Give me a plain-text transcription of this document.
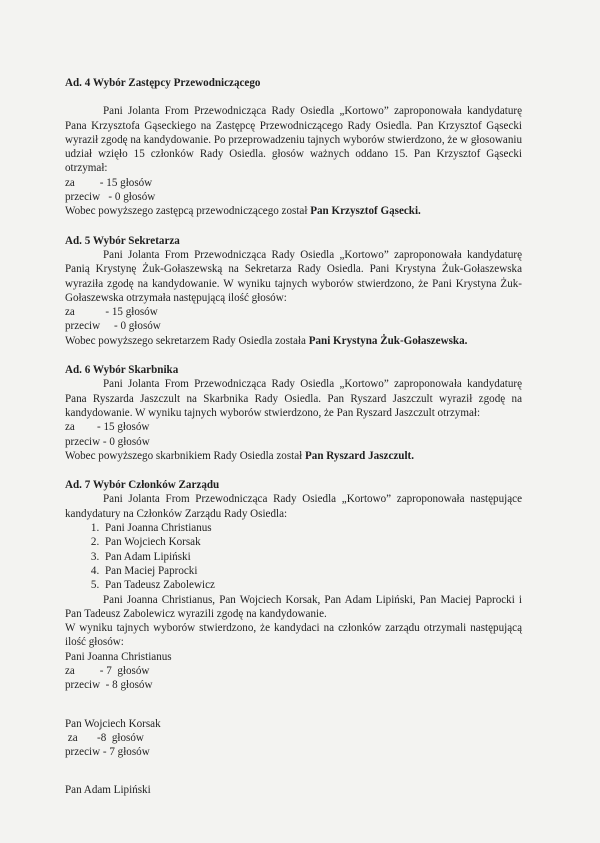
Ad. 4 Wybór Zastępcy Przewodniczącego

Pani Jolanta From Przewodnicząca Rady Osiedla „Kortowo” zaproponowała kandydaturę Pana Krzysztofa Gąseckiego na Zastępcę Przewodniczącego Rady Osiedla. Pan Krzysztof Gąsecki wyraził zgodę na kandydowanie. Po przeprowadzeniu tajnych wyborów stwierdzono, że w głosowaniu udział wzięło 15 członków Rady Osiedla. głosów ważnych oddano 15. Pan Krzysztof Gąsecki otrzymał:

za         - 15 głosów

przeciw   - 0 głosów

Wobec powyższego zastępcą przewodniczącego został Pan Krzysztof Gąsecki.

Ad. 5 Wybór Sekretarza

Pani Jolanta From Przewodnicząca Rady Osiedla „Kortowo” zaproponowała kandydaturę Panią Krystynę Żuk-Gołaszewską na Sekretarza Rady Osiedla. Pani Krystyna Żuk-Gołaszewska wyraziła zgodę na kandydowanie. W wyniku tajnych wyborów stwierdzono, że Pani Krystyna Żuk-Gołaszewska otrzymała następującą ilość głosów:

za           - 15 głosów

przeciw     - 0 głosów

Wobec powyższego sekretarzem Rady Osiedla została Pani Krystyna Żuk-Gołaszewska.

Ad. 6 Wybór Skarbnika

Pani Jolanta From Przewodnicząca Rady Osiedla „Kortowo” zaproponowała kandydaturę Pana Ryszarda Jaszczult na Skarbnika Rady Osiedla. Pan Ryszard Jaszczult wyraził zgodę na kandydowanie. W wyniku tajnych wyborów stwierdzono, że Pan Ryszard Jaszczult otrzymał:

za        - 15 głosów

przeciw - 0 głosów

Wobec powyższego skarbnikiem Rady Osiedla został Pan Ryszard Jaszczult.

Ad. 7 Wybór Członków Zarządu

Pani Jolanta From Przewodnicząca Rady Osiedla „Kortowo” zaproponowała następujące kandydatury na Członków Zarządu Rady Osiedla:

1. Pani Joanna Christianus
2. Pan Wojciech Korsak
3. Pan Adam Lipiński
4. Pan Maciej Paprocki
5. Pan Tadeusz Zabolewicz

Pani Joanna Christianus, Pan Wojciech Korsak, Pan Adam Lipiński, Pan Maciej Paprocki i Pan Tadeusz Zabolewicz wyrazili zgodę na kandydowanie.

W wyniku tajnych wyborów stwierdzono, że kandydaci na członków zarządu otrzymali następującą ilość głosów:

Pani Joanna Christianus

za         - 7  głosów

przeciw  - 8 głosów

Pan Wojciech Korsak

za       -8  głosów

przeciw - 7 głosów

Pan Adam Lipiński
